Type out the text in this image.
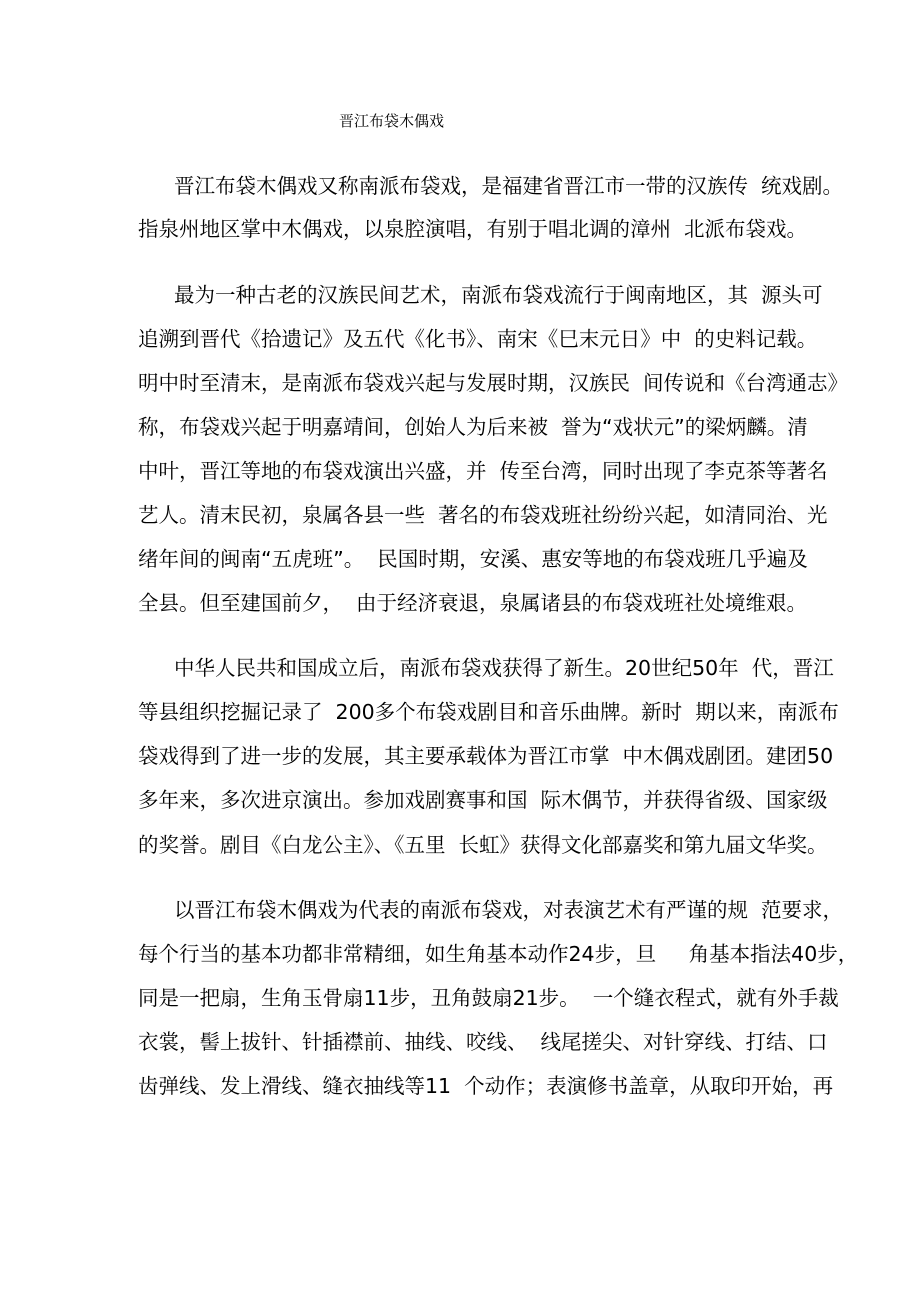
晋江布袋木偶戏
晋江布袋木偶戏又称南派布袋戏，是福建省晋江市一带的汉族传  统戏剧。
指泉州地区掌中木偶戏，以泉腔演唱，有别于唱北调的漳州  北派布袋戏。
最为一种古老的汉族民间艺术，南派布袋戏流行于闽南地区，其  源头可
追溯到晋代《拾遗记》及五代《化书》、南宋《巳末元日》中  的史料记载。
明中时至清末，是南派布袋戏兴起与发展时期，汉族民  间传说和《台湾通志》
称，布袋戏兴起于明嘉靖间，创始人为后来被  誉为“戏状元”的梁炳麟。清
中叶，晋江等地的布袋戏演出兴盛，并  传至台湾，同时出现了李克茶等著名
艺人。清末民初，泉属各县一些  著名的布袋戏班社纷纷兴起，如清同治、光
绪年间的闽南“五虎班”。  民国时期，安溪、惠安等地的布袋戏班几乎遍及
全县。但至建国前夕，  由于经济衰退，泉属诸县的布袋戏班社处境维艰。
中华人民共和国成立后，南派布袋戏获得了新生。20世纪50年  代，晋江
等县组织挖掘记录了  200多个布袋戏剧目和音乐曲牌。新时  期以来，南派布
袋戏得到了进一步的发展，其主要承载体为晋江市掌  中木偶戏剧团。建团50
多年来，多次进京演出。参加戏剧赛事和国  际木偶节，并获得省级、国家级
的奖誉。剧目《白龙公主》、《五里  长虹》获得文化部嘉奖和第九届文华奖。
以晋江布袋木偶戏为代表的南派布袋戏，对表演艺术有严谨的规  范要求，
每个行当的基本功都非常精细，如生角基本动作24步，旦     角基本指法40步，
同是一把扇，生角玉骨扇11步，丑角鼓扇21步。  一个缝衣程式，就有外手裁
衣裳，髻上拔针、针插襟前、抽线、咬线、  线尾搓尖、对针穿线、打结、口
齿弹线、发上滑线、缝衣抽线等11  个动作；表演修书盖章，从取印开始，再
